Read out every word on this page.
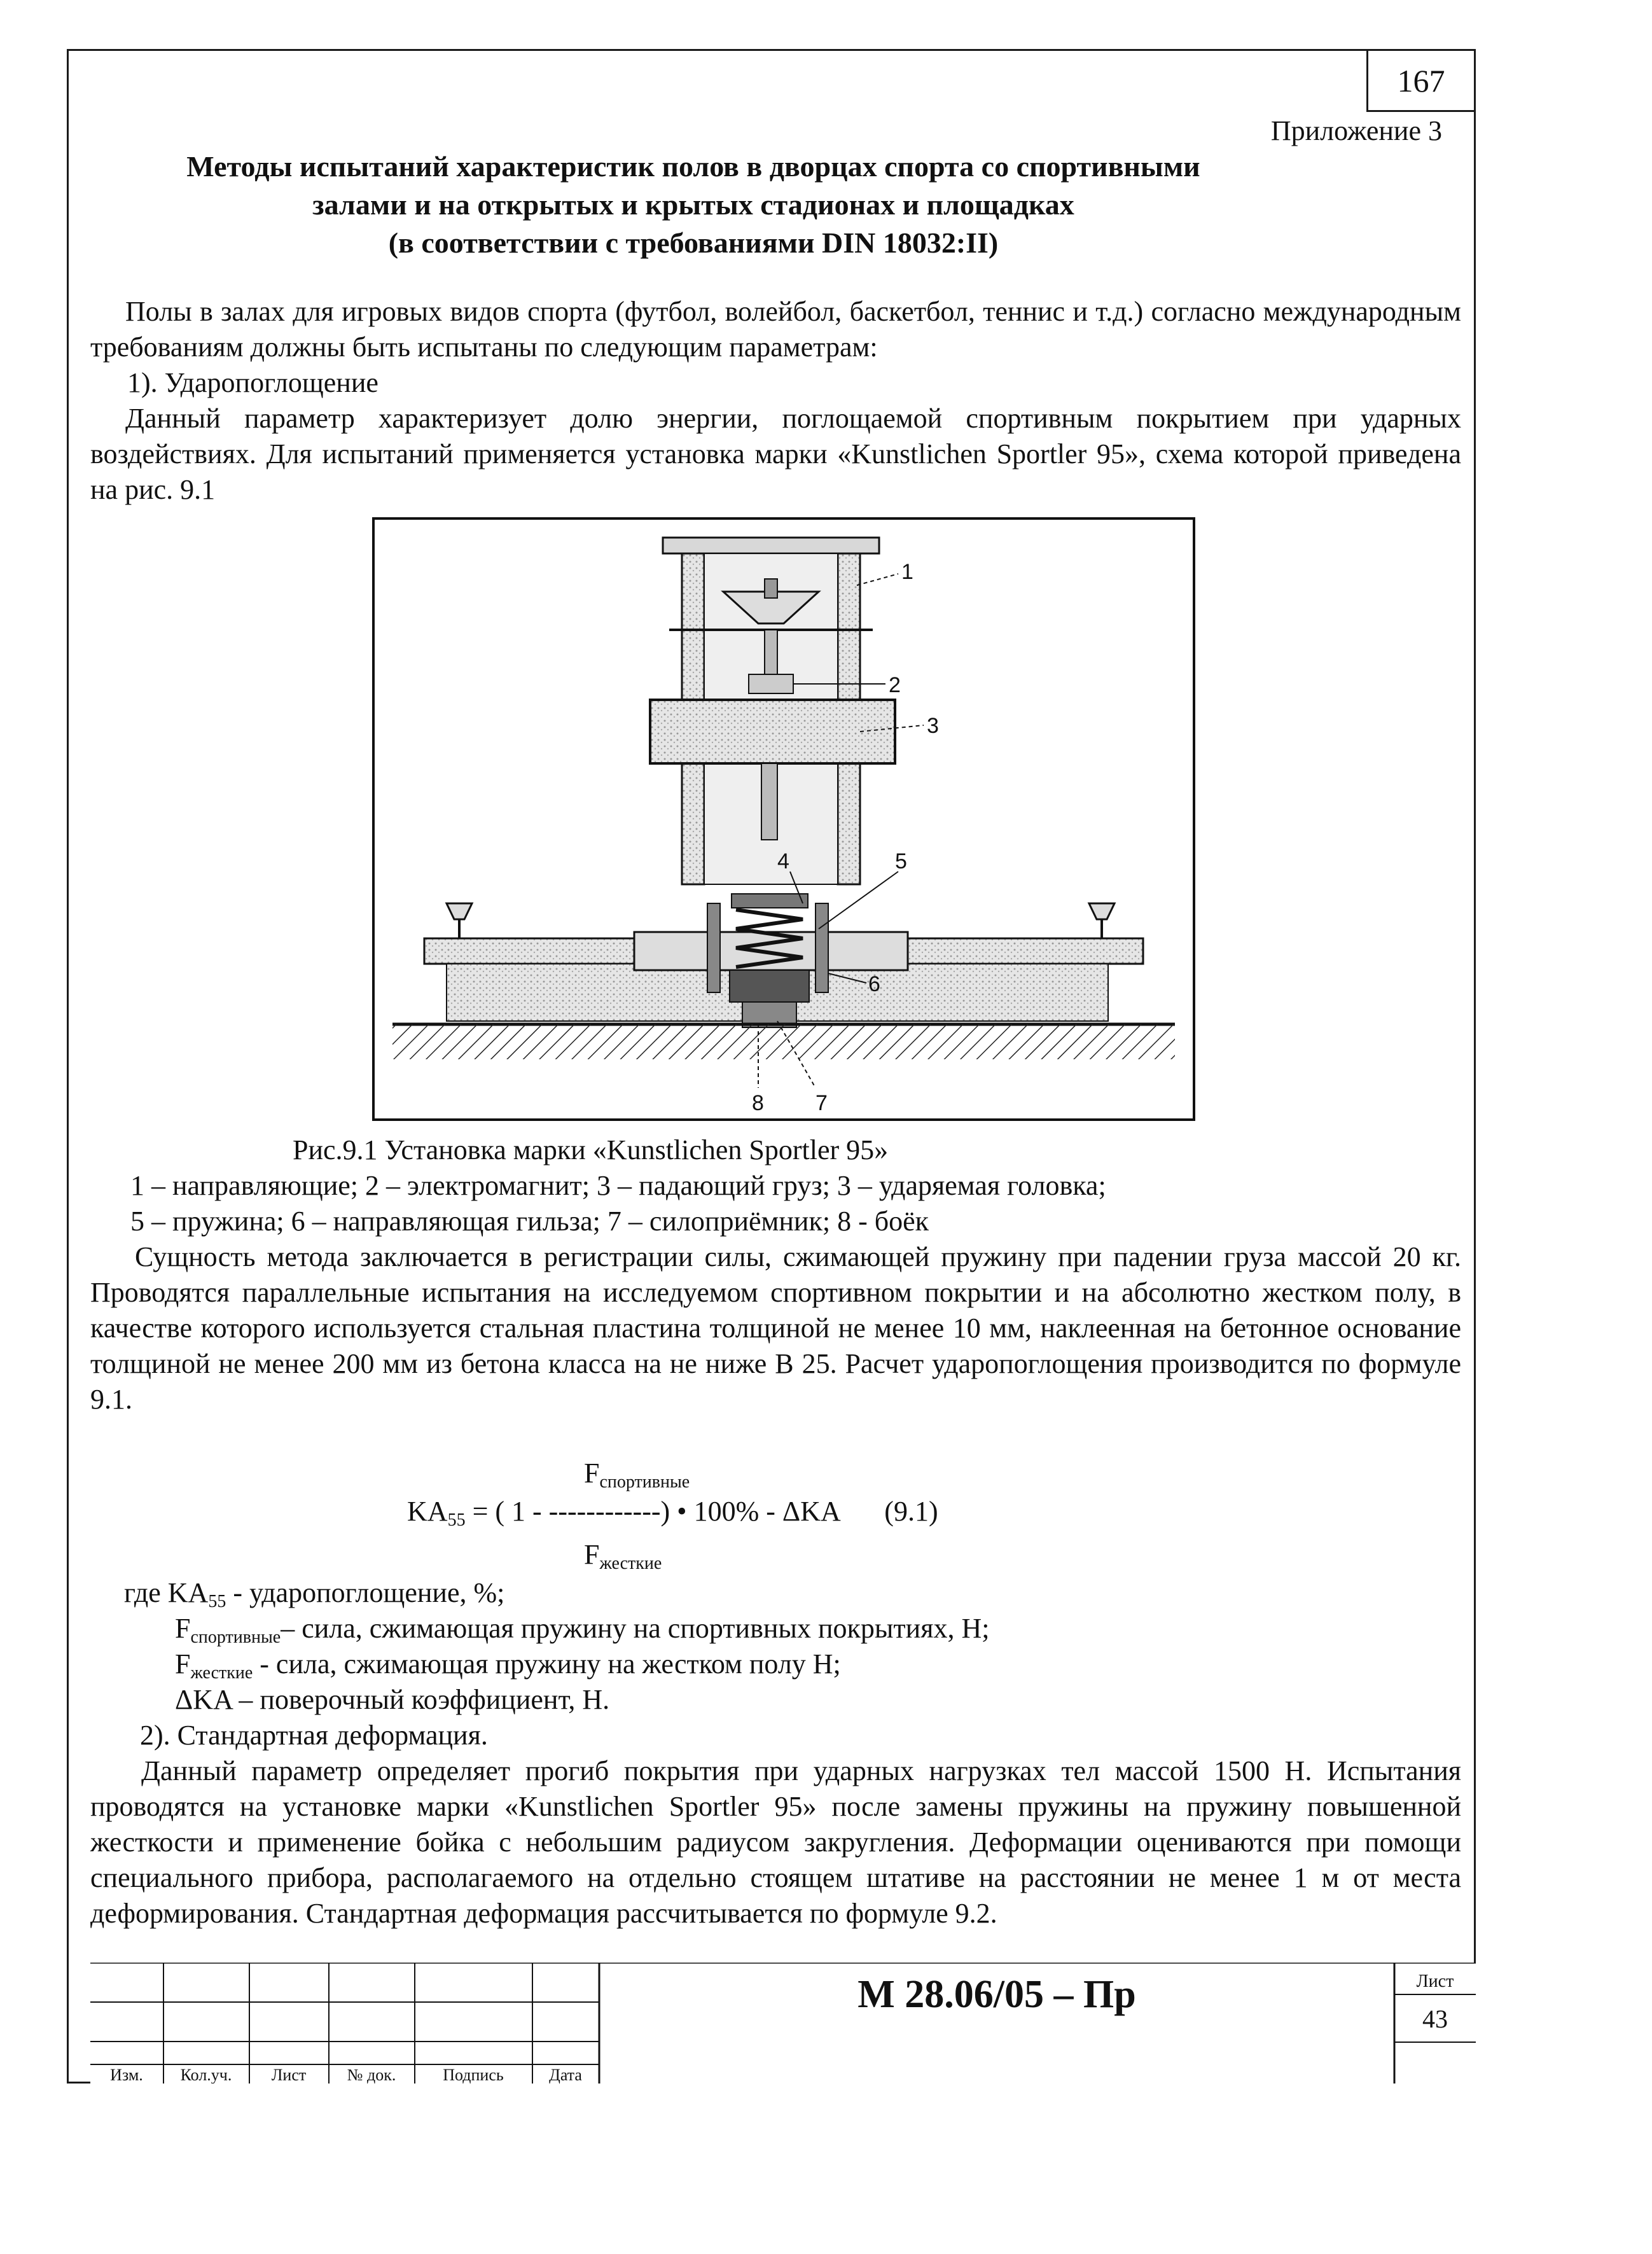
167
Приложение 3
Методы испытаний характеристик полов в дворцах спорта со спортивными
залами и на открытых и крытых стадионах и площадках
(в соответствии с требованиями DIN 18032:II)
Полы в залах для игровых видов спорта (футбол, волейбол, баскетбол, теннис и т.д.) согласно международным требованиям должны быть испытаны по следующим параметрам:
1). Ударопоглощение
Данный параметр характеризует долю энергии, поглощаемой спортивным покрытием при ударных воздействиях. Для испытаний применяется установка марки «Kunstlichen Sportler 95», схема которой приведена на рис. 9.1
1
2
3
4	5
6
7
8
Рис.9.1 Установка марки «Kunstlichen Sportler 95»
1 – направляющие; 2 – электромагнит; 3 – падающий груз; 3 – ударяемая головка;
5 – пружина; 6 – направляющая гильза; 7 – силоприёмник; 8 - боёк
Сущность метода заключается в регистрации силы, сжимающей пружину при падении груза массой 20 кг. Проводятся параллельные испытания на исследуемом спортивном покрытии и на абсолютно жестком полу, в качестве которого используется стальная пластина толщиной не менее 10 мм, наклеенная на бетонное основание толщиной не менее 200 мм из бетона класса на не ниже В 25. Расчет ударопоглощения производится по формуле 9.1.
$F_{спортивные}$
$KA_{55}$ = ( 1 - ------------) • 100% - ΔKA (9.1)
$F_{жесткие}$
где $KA_{55}$ - ударопоглощение, %;
$F_{спортивные}-$ сила, сжимающая пружину на спортивных покрытиях, Н;
$F_{жесткие}$ - сила, сжимающая пружину на жестком полу Н;
ΔKA – поверочный коэффициент, Н.
2). Стандартная деформация.
Данный параметр определяет прогиб покрытия при ударных нагрузках тел массой 1500 Н. Испытания проводятся на установке марки «Kunstlichen Sportler 95» после замены пружины на пружину повышенной жесткости и применение бойка с небольшим радиусом закругления. Деформации оцениваются при помощи специального прибора, располагаемого на отдельно стоящем штативе на расстоянии не менее 1 м от места деформирования. Стандартная деформация рассчитывается по формуле 9.2.
Изм. Кол.уч. Лист № док.	Подпись	Дата
М 28.06/05 – Пр	Лист
43
